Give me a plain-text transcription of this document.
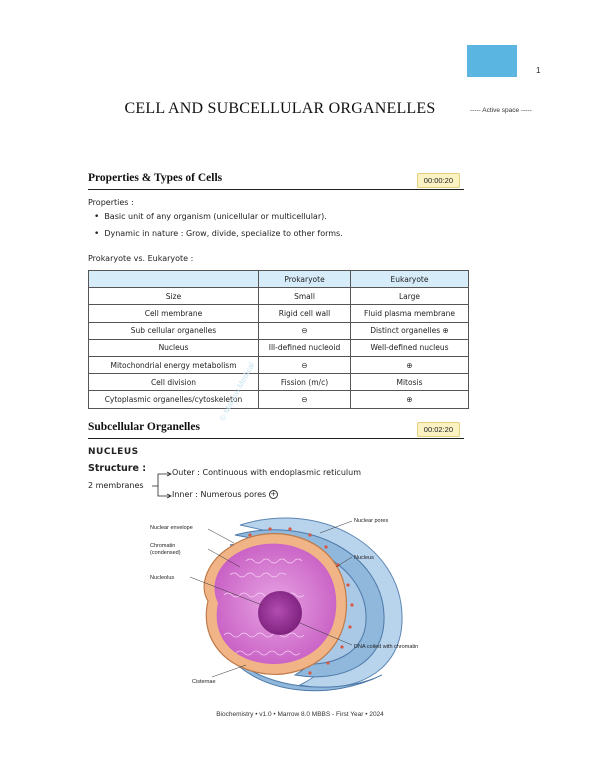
1
CELL AND SUBCELLULAR ORGANELLES	----- Active space -----
Properties & Types of Cells	00:00:20
Properties :
• Basic unit of any organism (unicellular or multicellular).
• Dynamic in nature : Grow, divide, specialize to other forms.
Prokaryote vs. Eukaryote :
	Prokaryote	Eukaryote
Size	Small	Large
Cell membrane	Rigid cell wall	Fluid plasma membrane
Sub cellular organelles	⊖	Distinct organelles ⊕
Nucleus	Ill-defined nucleoid	Well-defined nucleus
Mitochondrial energy metabolism	⊖	⊕
Cell division	Fission (m/c)	Mitosis
Cytoplasmic organelles/cytoskeleton	⊖	⊕
© Marrow Medical
Subcellular Organelles	00:02:20
NUCLEUS
Structure :
2 membranes
Outer : Continuous with endoplasmic reticulum
Inner : Numerous pores +
Nuclear envelope
Chromatin
(condensed)
Nucleolus
Nuclear pores
Nucleus
DNA coiled with chromatin
Cisternae
Biochemistry • v1.0 • Marrow 8.0 MBBS - First Year • 2024
